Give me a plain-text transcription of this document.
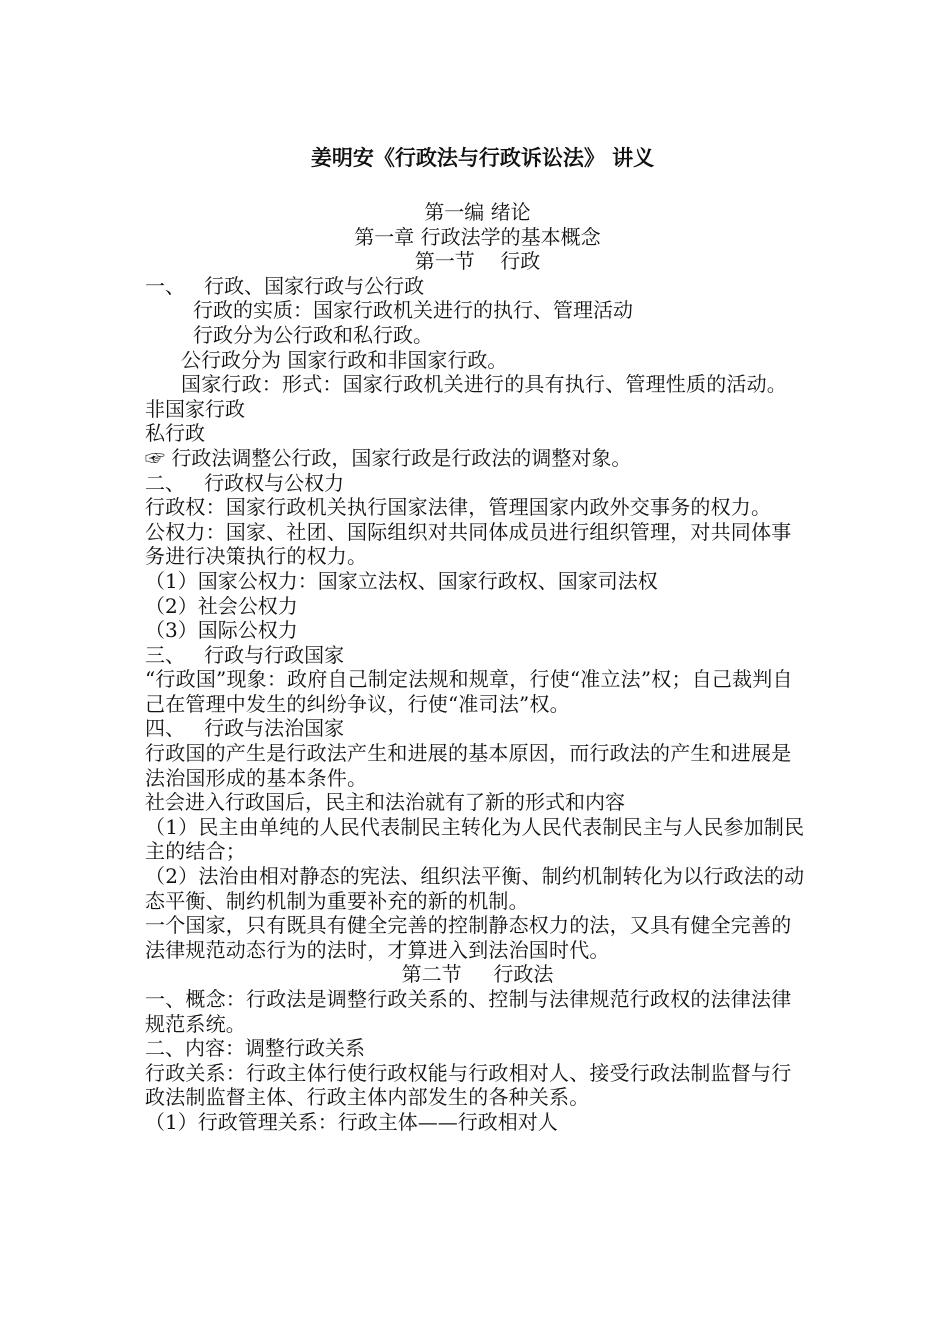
姜明安《行政法与行政诉讼法》 讲义
第一编 绪论
第一章 行政法学的基本概念
第一节    行政
一、   行政、国家行政与公行政
行政的实质：国家行政机关进行的执行、管理活动
行政分为公行政和私行政。
公行政分为 国家行政和非国家行政。
国家行政：形式：国家行政机关进行的具有执行、管理性质的活动。
非国家行政
私行政
☞ 行政法调整公行政，国家行政是行政法的调整对象。
二、   行政权与公权力
行政权：国家行政机关执行国家法律，管理国家内政外交事务的权力。
公权力：国家、社团、国际组织对共同体成员进行组织管理，对共同体事务进行决策执行的权力。
（1）国家公权力：国家立法权、国家行政权、国家司法权
（2）社会公权力
（3）国际公权力
三、   行政与行政国家
“行政国”现象：政府自己制定法规和规章，行使“准立法”权；自己裁判自己在管理中发生的纠纷争议，行使“准司法”权。
四、   行政与法治国家
行政国的产生是行政法产生和进展的基本原因，而行政法的产生和进展是法治国形成的基本条件。
社会进入行政国后，民主和法治就有了新的形式和内容
（1）民主由单纯的人民代表制民主转化为人民代表制民主与人民参加制民主的结合；
（2）法治由相对静态的宪法、组织法平衡、制约机制转化为以行政法的动态平衡、制约机制为重要补充的新的机制。
一个国家，只有既具有健全完善的控制静态权力的法，又具有健全完善的法律规范动态行为的法时，才算进入到法治国时代。
第二节     行政法
一、概念：行政法是调整行政关系的、控制与法律规范行政权的法律法律规范系统。
二、内容：调整行政关系
行政关系：行政主体行使行政权能与行政相对人、接受行政法制监督与行政法制监督主体、行政主体内部发生的各种关系。
（1）行政管理关系：行政主体——行政相对人
